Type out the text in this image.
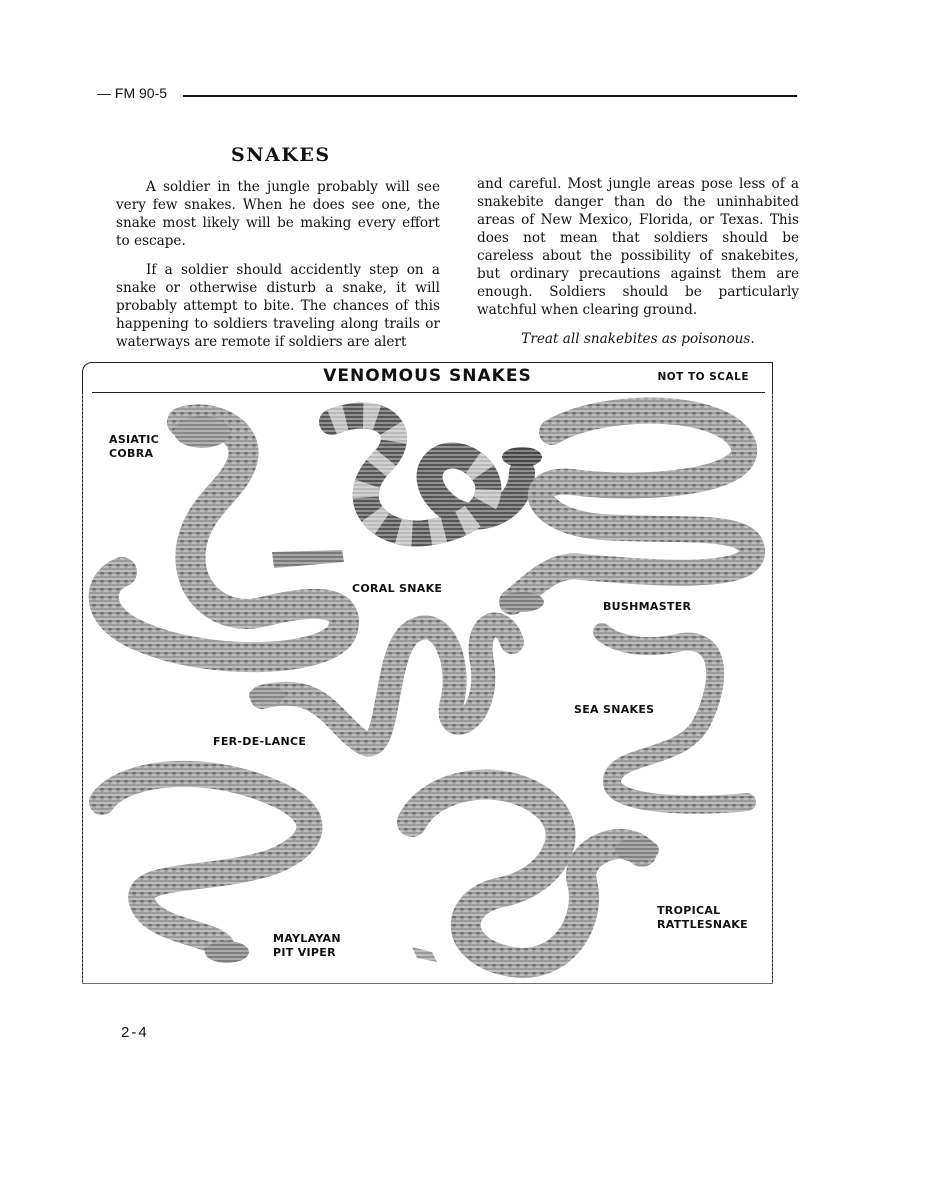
— FM 90-5
SNAKES

A soldier in the jungle probably will see very few snakes. When he does see one, the snake most likely will be making every effort to escape.

If a soldier should accidently step on a snake or otherwise disturb a snake, it will probably attempt to bite. The chances of this happening to soldiers traveling along trails or waterways are remote if soldiers are alert

and careful. Most jungle areas pose less of a snakebite danger than do the uninhabited areas of New Mexico, Florida, or Texas. This does not mean that soldiers should be careless about the possibility of snakebites, but ordinary precautions against them are enough. Soldiers should be particularly watchful when clearing ground.

Treat all snakebites as poisonous.

VENOMOUS SNAKES	NOT TO SCALE
ASIATIC
COBRA
CORAL SNAKE
BUSHMASTER
SEA SNAKES
FER-DE-LANCE
MAYLAYAN
PIT VIPER
TROPICAL
RATTLESNAKE
2-4
